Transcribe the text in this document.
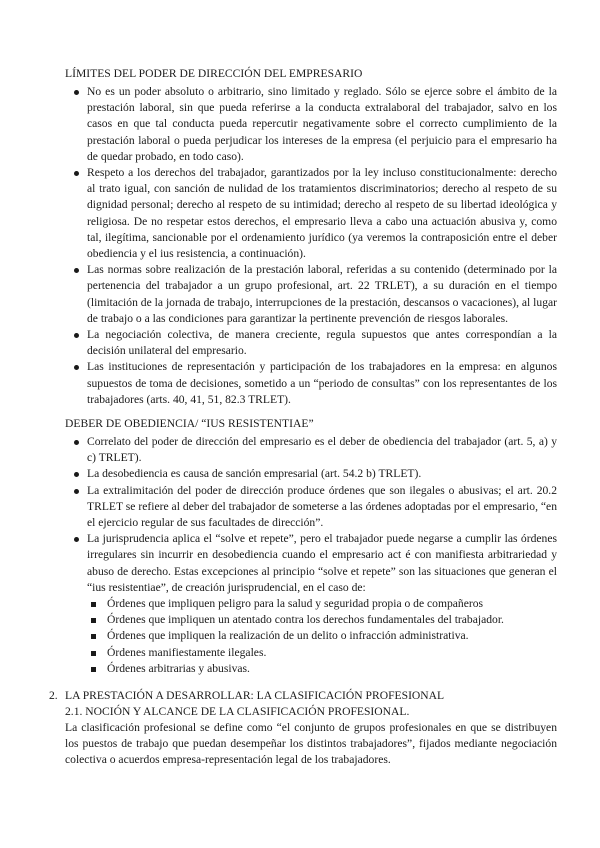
LÍMITES DEL PODER DE DIRECCIÓN DEL EMPRESARIO
No es un poder absoluto o arbitrario, sino limitado y reglado. Sólo se ejerce sobre el ámbito de la prestación laboral, sin que pueda referirse a la conducta extralaboral del trabajador, salvo en los casos en que tal conducta pueda repercutir negativamente sobre el correcto cumplimiento de la prestación laboral o pueda perjudicar los intereses de la empresa (el perjuicio para el empresario ha de quedar probado, en todo caso).
Respeto a los derechos del trabajador, garantizados por la ley incluso constitucionalmente: derecho al trato igual, con sanción de nulidad de los tratamientos discriminatorios; derecho al respeto de su dignidad personal; derecho al respeto de su intimidad; derecho al respeto de su libertad ideológica y religiosa. De no respetar estos derechos, el empresario lleva a cabo una actuación abusiva y, como tal, ilegítima, sancionable por el ordenamiento jurídico (ya veremos la contraposición entre el deber obediencia y el ius resistencia, a continuación).
Las normas sobre realización de la prestación laboral, referidas a su contenido (determinado por la pertenencia del trabajador a un grupo profesional, art. 22 TRLET), a su duración en el tiempo (limitación de la jornada de trabajo, interrupciones de la prestación, descansos o vacaciones), al lugar de trabajo o a las condiciones para garantizar la pertinente prevención de riesgos laborales.
La negociación colectiva, de manera creciente, regula supuestos que antes correspondían a la decisión unilateral del empresario.
Las instituciones de representación y participación de los trabajadores en la empresa: en algunos supuestos de toma de decisiones, sometido a un “periodo de consultas” con los representantes de los trabajadores (arts. 40, 41, 51, 82.3 TRLET).
DEBER DE OBEDIENCIA/ “IUS RESISTENTIAE”
Correlato del poder de dirección del empresario es el deber de obediencia del trabajador (art. 5, a) y c) TRLET).
La desobediencia es causa de sanción empresarial (art. 54.2 b) TRLET).
La extralimitación del poder de dirección produce órdenes que son ilegales o abusivas; el art. 20.2 TRLET se refiere al deber del trabajador de someterse a las órdenes adoptadas por el empresario, “en el ejercicio regular de sus facultades de dirección”.
La jurisprudencia aplica el “solve et repete”, pero el trabajador puede negarse a cumplir las órdenes irregulares sin incurrir en desobediencia cuando el empresario act é con manifiesta arbitrariedad y abuso de derecho. Estas excepciones al principio “solve et repete” son las situaciones que generan el “ius resistentiae”, de creación jurisprudencial, en el caso de:
Órdenes que impliquen peligro para la salud y seguridad propia o de compañeros
Órdenes que impliquen un atentado contra los derechos fundamentales del trabajador.
Órdenes que impliquen la realización de un delito o infracción administrativa.
Órdenes manifiestamente ilegales.
Órdenes arbitrarias y abusivas.
2. LA PRESTACIÓN A DESARROLLAR: LA CLASIFICACIÓN PROFESIONAL
2.1. NOCIÓN Y ALCANCE DE LA CLASIFICACIÓN PROFESIONAL.
La clasificación profesional se define como “el conjunto de grupos profesionales en que se distribuyen los puestos de trabajo que puedan desempeñar los distintos trabajadores”, fijados mediante negociación colectiva o acuerdos empresa-representación legal de los trabajadores.
